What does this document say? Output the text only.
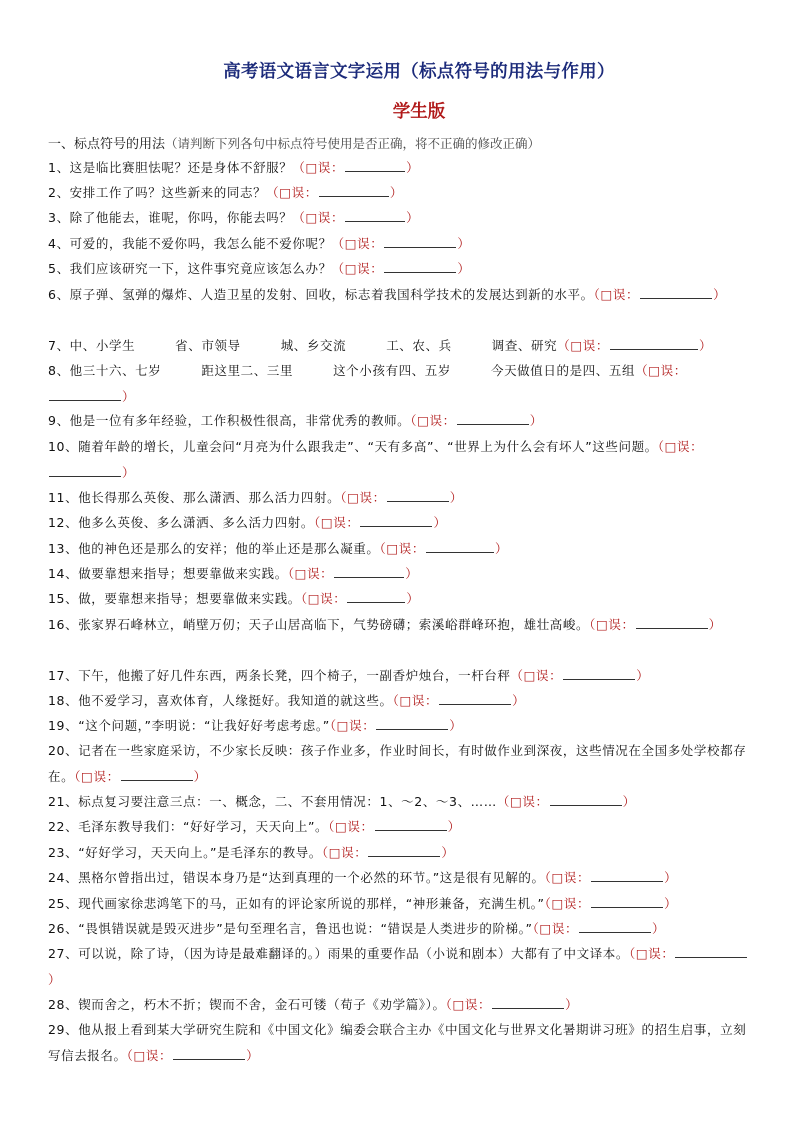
高考语文语言文字运用（标点符号的用法与作用）
学生版
一、标点符号的用法（请判断下列各句中标点符号使用是否正确，将不正确的修改正确）
1、这是临比赛胆怯呢？还是身体不舒服？（□误：	）
2、安排工作了吗？这些新来的同志？（□误：	）
3、除了他能去，谁呢，你吗，你能去吗？（□误：	）
4、可爱的，我能不爱你吗，我怎么能不爱你呢？（□误：	）
5、我们应该研究一下，这件事究竟应该怎么办？（□误：	）
6、原子弹、氢弹的爆炸、人造卫星的发射、回收，标志着我国科学技术的发展达到新的水平。（□误：	）
7、中、小学生	省、市领导	城、乡交流	工、农、兵	调查、研究（□误：	）
8、他三十六、七岁	距这里二、三里	这个小孩有四、五岁	今天做值日的是四、五组（□误：）
9、他是一位有多年经验，工作积极性很高，非常优秀的教师。（□误：	）
10、随着年龄的增长，儿童会问“月亮为什么跟我走”、“天有多高”、“世界上为什么会有坏人”这些问题。（□误：）
11、他长得那么英俊、那么潇洒、那么活力四射。（□误：	）
12、他多么英俊、多么潇洒、多么活力四射。（□误：	）
13、他的神色还是那么的安祥；他的举止还是那么凝重。（□误：	）
14、做要靠想来指导；想要靠做来实践。（□误：	）
15、做，要靠想来指导；想要靠做来实践。（□误：	）
16、张家界石峰林立，峭壁万仞；天子山居高临下，气势磅礴；索溪峪群峰环抱，雄壮高峻。（□误：	）
17、下午，他搬了好几件东西，两条长凳，四个椅子，一副香炉烛台，一杆台秤（□误：	）
18、他不爱学习，喜欢体育，人缘挺好。我知道的就这些。（□误：	）
19、“这个问题，”李明说：“让我好好考虑考虑。”（□误：	）
20、记者在一些家庭采访，不少家长反映：孩子作业多，作业时间长，有时做作业到深夜，这些情况在全国多处学校都存在。（□误：	）
21、标点复习要注意三点：一、概念，二、不套用情况：1、～2、～3、……（□误：	）
22、毛泽东教导我们：“好好学习，天天向上”。（□误：	）
23、“好好学习，天天向上。”是毛泽东的教导。（□误：	）
24、黑格尔曾指出过，错误本身乃是“达到真理的一个必然的环节。”这是很有见解的。（□误：	）
25、现代画家徐悲鸿笔下的马，正如有的评论家所说的那样，“神形兼备，充满生机。”（□误：	）
26、“畏惧错误就是毁灭进步”是句至理名言，鲁迅也说：“错误是人类进步的阶梯。”（□误：	）
27、可以说，除了诗，（因为诗是最难翻译的。）雨果的重要作品（小说和剧本）大都有了中文译本。（□误：）
28、锲而舍之，朽木不折；锲而不舍，金石可镂（荀子《劝学篇》）。（□误：	）
29、他从报上看到某大学研究生院和《中国文化》编委会联合主办《中国文化与世界文化暑期讲习班》的招生启事，立刻写信去报名。（□误：	）
